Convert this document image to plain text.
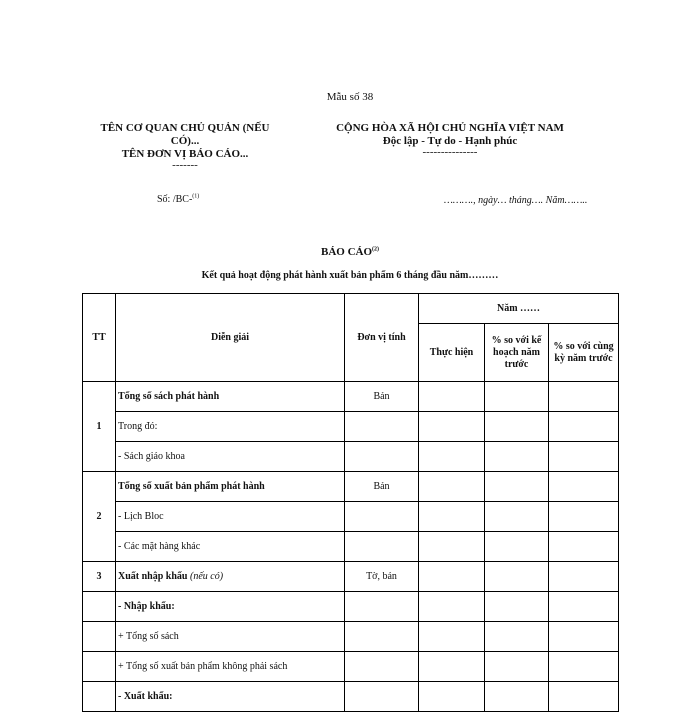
Mẫu số 38
TÊN CƠ QUAN CHỦ QUẢN (NẾU
CÓ)...
TÊN ĐƠN VỊ BÁO CÁO...
-------
CỘNG HÒA XÃ HỘI CHỦ NGHĨA VIỆT NAM
Độc lập - Tự do - Hạnh phúc
---------------
Số: /BC-$^{(1)}$	………., ngày… tháng…. Năm……..
BÁO CÁO$^{(2)}$
Kết quả hoạt động phát hành xuất bản phẩm 6 tháng đầu năm………
TT	Diễn giải	Đơn vị tính	Năm ……		
			Thực hiện	% so với kế hoạch năm trước	% so với cùng kỳ năm trước
1	Tổng số sách phát hành	Bản			
	Trong đó:				
	- Sách giáo khoa				
2	Tổng số xuất bản phẩm phát hành	Bản			
	- Lịch Bloc				
	- Các mặt hàng khác				
3	Xuất nhập khẩu (nếu có)	Tờ, bản			
	- Nhập khẩu:				
	+ Tổng số sách				
	+ Tổng số xuất bản phẩm không phải sách				
	- Xuất khẩu:				
